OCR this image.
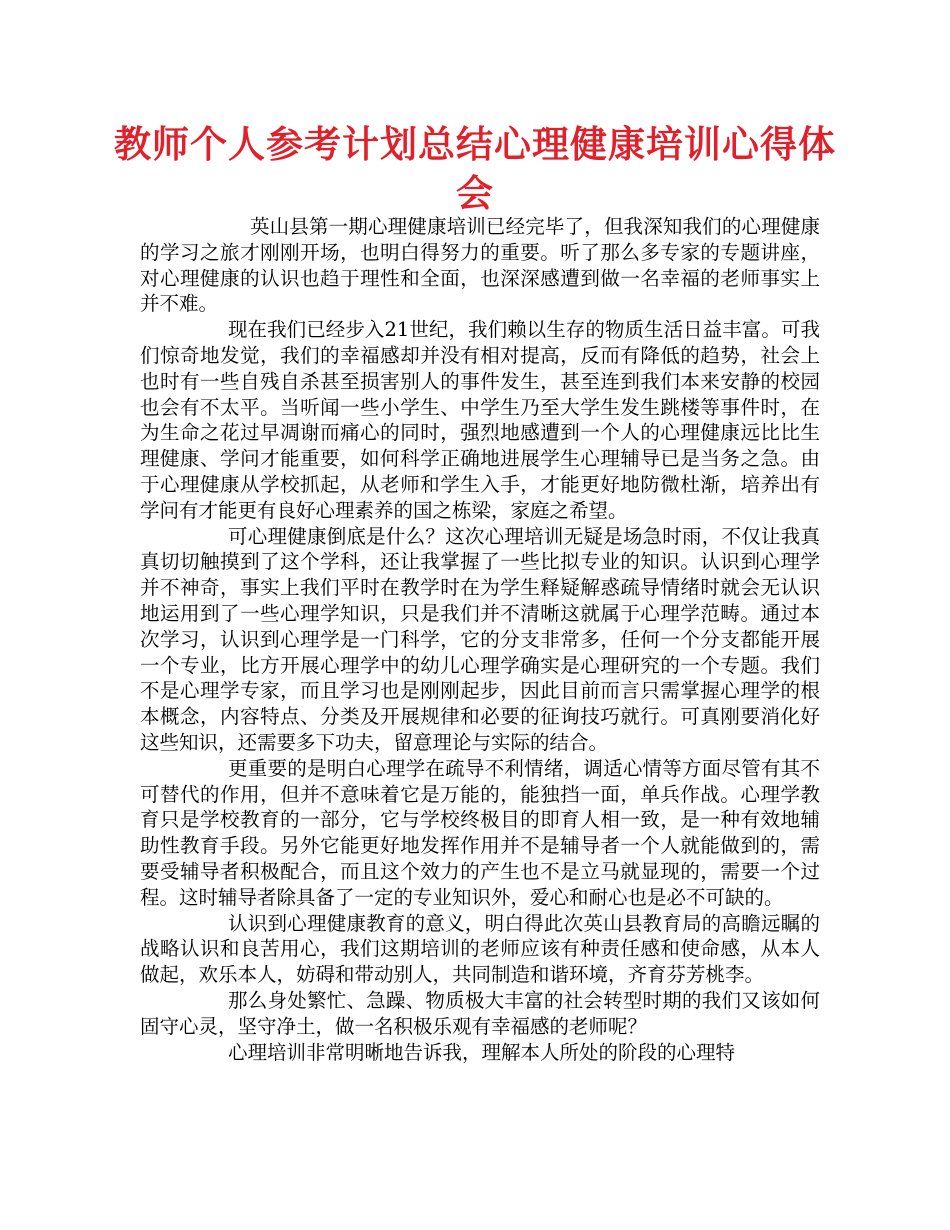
教师个人参考计划总结心理健康培训心得体会

英山县第一期心理健康培训已经完毕了，但我深知我们的心理健康的学习之旅才刚刚开场，也明白得努力的重要。听了那么多专家的专题讲座，对心理健康的认识也趋于理性和全面，也深深感遭到做一名幸福的老师事实上并不难。

现在我们已经步入21世纪，我们赖以生存的物质生活日益丰富。可我们惊奇地发觉，我们的幸福感却并没有相对提高，反而有降低的趋势，社会上也时有一些自残自杀甚至损害别人的事件发生，甚至连到我们本来安静的校园也会有不太平。当听闻一些小学生、中学生乃至大学生发生跳楼等事件时，在为生命之花过早凋谢而痛心的同时，强烈地感遭到一个人的心理健康远比比生理健康、学问才能重要，如何科学正确地进展学生心理辅导已是当务之急。由于心理健康从学校抓起，从老师和学生入手，才能更好地防微杜渐，培养出有学问有才能更有良好心理素养的国之栋梁，家庭之希望。

可心理健康倒底是什么？这次心理培训无疑是场急时雨，不仅让我真真切切触摸到了这个学科，还让我掌握了一些比拟专业的知识。认识到心理学并不神奇，事实上我们平时在教学时在为学生释疑解惑疏导情绪时就会无认识地运用到了一些心理学知识，只是我们并不清晰这就属于心理学范畴。通过本次学习，认识到心理学是一门科学，它的分支非常多，任何一个分支都能开展一个专业，比方开展心理学中的幼儿心理学确实是心理研究的一个专题。我们不是心理学专家，而且学习也是刚刚起步，因此目前而言只需掌握心理学的根本概念，内容特点、分类及开展规律和必要的征询技巧就行。可真刚要消化好这些知识，还需要多下功夫，留意理论与实际的结合。

更重要的是明白心理学在疏导不利情绪，调适心情等方面尽管有其不可替代的作用，但并不意味着它是万能的，能独挡一面，单兵作战。心理学教育只是学校教育的一部分，它与学校终极目的即育人相一致，是一种有效地辅助性教育手段。另外它能更好地发挥作用并不是辅导者一个人就能做到的，需要受辅导者积极配合，而且这个效力的产生也不是立马就显现的，需要一个过程。这时辅导者除具备了一定的专业知识外，爱心和耐心也是必不可缺的。

认识到心理健康教育的意义，明白得此次英山县教育局的高瞻远瞩的战略认识和良苦用心，我们这期培训的老师应该有种责任感和使命感，从本人做起，欢乐本人，妨碍和带动别人，共同制造和谐环境，齐育芬芳桃李。

那么身处繁忙、急躁、物质极大丰富的社会转型时期的我们又该如何固守心灵，坚守净土，做一名积极乐观有幸福感的老师呢？

心理培训非常明晰地告诉我，理解本人所处的阶段的心理特
